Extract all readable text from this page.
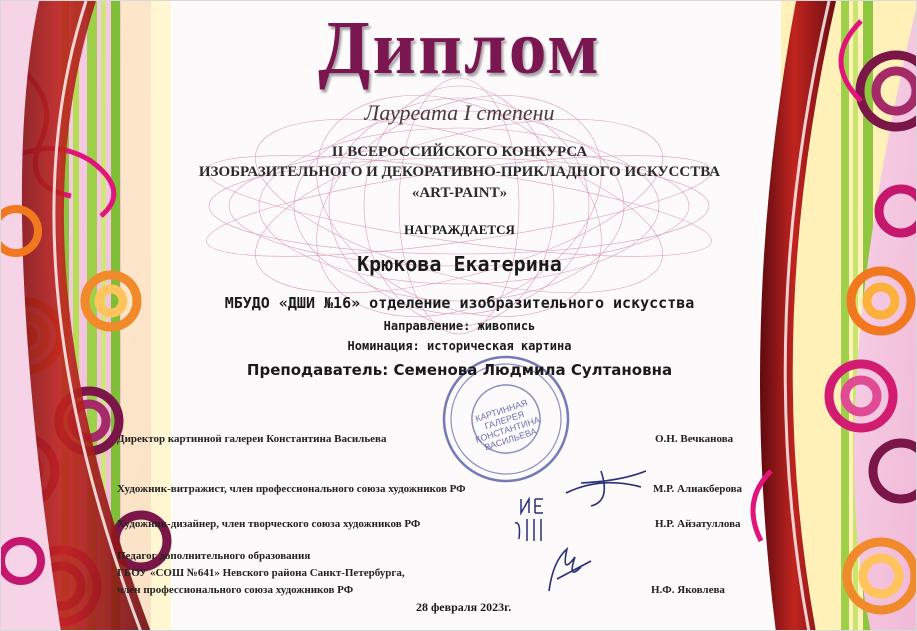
КАРТИННАЯ ГАЛЕРЕЯ КОНСТАНТИНА ВАСИЛЬЕВА
Диплом
Лауреата I степени
II ВСЕРОССИЙСКОГО КОНКУРСА
ИЗОБРАЗИТЕЛЬНОГО И ДЕКОРАТИВНО-ПРИКЛАДНОГО ИСКУССТВА
«ART-PAINT»
НАГРАЖДАЕТСЯ
Крюкова Екатерина
МБУДО «ДШИ №16» отделение изобразительного искусства
Направление: живопись
Номинация: историческая картина
Преподаватель: Семенова Людмила Султановна
Директор картинной галереи Константина Васильева	О.Н. Вечканова
Художник-витражист, член профессионального союза художников РФ	М.Р. Алиакберова
Художник-дизайнер, член творческого союза художников РФ	Н.Р. Айзатуллова
Педагог дополнительного образования
ГБОУ «СОШ №641» Невского района Санкт-Петербурга,
член профессионального союза художников РФ	Н.Ф. Яковлева
28 февраля 2023г.
